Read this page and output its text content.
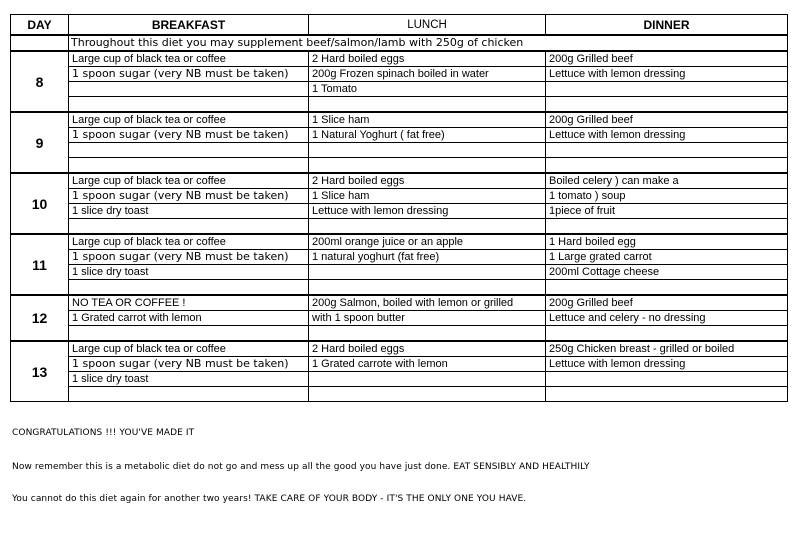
DAY	BREAKFAST	LUNCH	DINNER
	Throughout this diet you may supplement beef/salmon/lamb with 250g of chicken		
8	Large cup of black tea or coffee	2 Hard boiled eggs	200g Grilled beef
	1 spoon sugar (very NB must be taken)	200g Frozen spinach boiled in water	Lettuce with lemon dressing
		1 Tomato	

9	Large cup of black tea or coffee	1 Slice ham	200g Grilled beef
	1 spoon sugar (very NB must be taken)	1 Natural Yoghurt ( fat free)	Lettuce with lemon dressing

10	Large cup of black tea or coffee	2 Hard boiled eggs	Boiled celery ) can make a
	1 spoon sugar (very NB must be taken)	1 Slice ham	1 tomato ) soup
	1 slice dry toast	Lettuce with lemon dressing	1piece of fruit

11	Large cup of black tea or coffee	200ml orange juice or an apple	1 Hard boiled egg
	1 spoon sugar (very NB must be taken)	1 natural yoghurt (fat free)	1 Large grated carrot
	1 slice dry toast		200ml Cottage cheese

12	NO TEA OR COFFEE !	200g Salmon, boiled with lemon or grilled	200g Grilled beef
	1 Grated carrot with lemon	with 1 spoon butter	Lettuce and celery - no dressing

13	Large cup of black tea or coffee	2 Hard boiled eggs	250g Chicken breast - grilled or boiled
	1 spoon sugar (very NB must be taken)	1 Grated carrote with lemon	Lettuce with lemon dressing
	1 slice dry toast		

CONGRATULATIONS !!! YOU'VE MADE IT
Now remember this is a metabolic diet do not go and mess up all the good you have just done. EAT SENSIBLY AND HEALTHILY
You cannot do this diet again for another two years! TAKE CARE OF YOUR BODY - IT'S THE ONLY ONE YOU HAVE.
